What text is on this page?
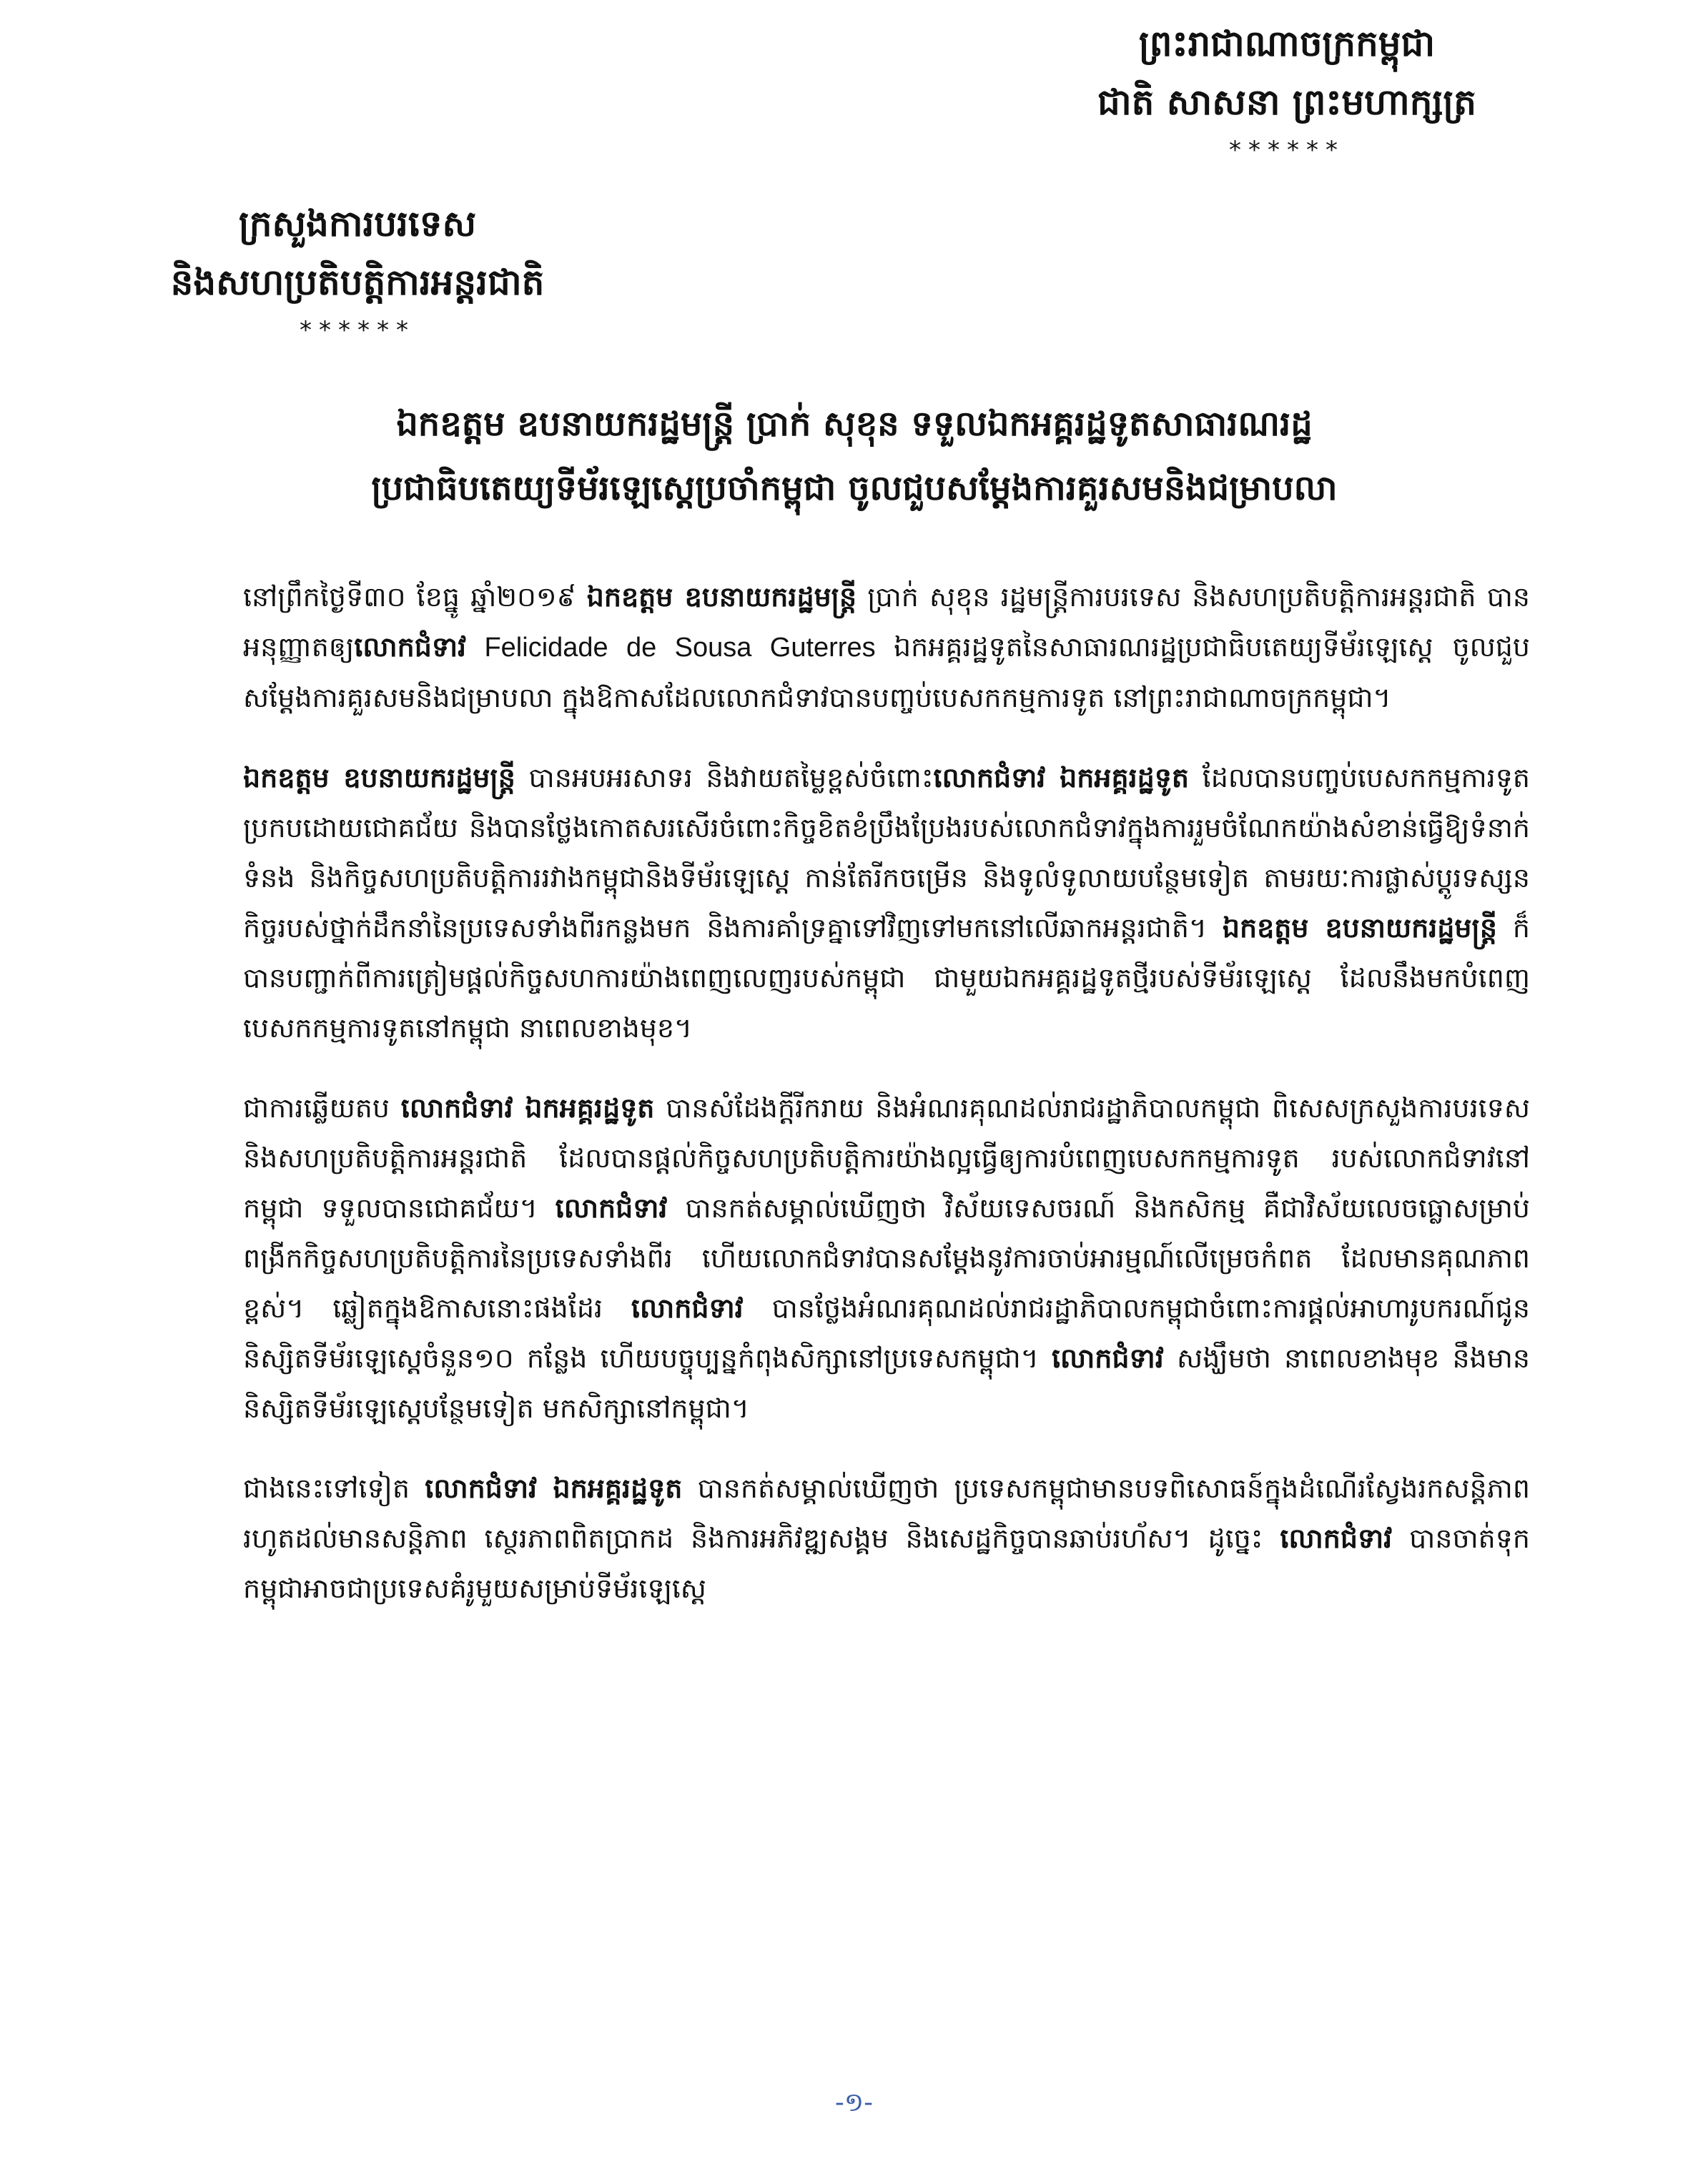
ព្រះរាជាណាចក្រកម្ពុជា
ជាតិ សាសនា ព្រះមហាក្សត្រ
******
ក្រសួងការបរទេស
និងសហប្រតិបត្តិការអន្តរជាតិ
******
ឯកឧត្តម ឧបនាយករដ្ឋមន្ត្រី ប្រាក់ សុខុន ទទួលឯកអគ្គរដ្ឋទូតសាធារណរដ្ឋ
ប្រជាធិបតេយ្យទីម័រឡេស្តេប្រចាំកម្ពុជា ចូលជួបសម្តែងការគួរសមនិងជម្រាបលា

នៅព្រឹកថ្ងៃទី៣០ ខែធ្នូ ឆ្នាំ២០១៩ ឯកឧត្តម ឧបនាយករដ្ឋមន្ត្រី ប្រាក់ សុខុន រដ្ឋមន្ត្រីការបរទេស និងសហប្រតិបត្តិការអន្តរជាតិ បានអនុញ្ញាតឲ្យលោកជំទាវ Felicidade de Sousa Guterres ឯកអគ្គរដ្ឋទូតនៃសាធារណរដ្ឋប្រជាធិបតេយ្យទីម័រឡេស្តេ ចូលជួបសម្តែងការគួរសមនិងជម្រាបលា ក្នុងឱកាសដែលលោកជំទាវបានបញ្ចប់បេសកកម្មការទូត នៅព្រះរាជាណាចក្រកម្ពុជា។

ឯកឧត្តម ឧបនាយករដ្ឋមន្ត្រី បានអបអរសាទរ និងវាយតម្លៃខ្ពស់ចំពោះលោកជំទាវ ឯកអគ្គរដ្ឋទូត ដែលបានបញ្ចប់បេសកកម្មការទូតប្រកបដោយជោគជ័យ និងបានថ្លែងកោតសរសើរចំពោះកិច្ចខិតខំប្រឹងប្រែងរបស់លោកជំទាវក្នុងការរួមចំណែកយ៉ាងសំខាន់ធ្វើឱ្យទំនាក់ទំនង និងកិច្ចសហប្រតិបត្តិការរវាងកម្ពុជានិងទីម័រឡេស្តេ កាន់តែរីកចម្រើន និងទូលំទូលាយបន្ថែមទៀត តាមរយៈការផ្លាស់ប្តូរទស្សនកិច្ចរបស់ថ្នាក់ដឹកនាំនៃប្រទេសទាំងពីរកន្លងមក និងការគាំទ្រគ្នាទៅវិញទៅមកនៅលើឆាកអន្តរជាតិ។ ឯកឧត្តម ឧបនាយករដ្ឋមន្ត្រី ក៏បានបញ្ជាក់ពីការត្រៀមផ្តល់កិច្ចសហការយ៉ាងពេញលេញរបស់កម្ពុជា ជាមួយឯកអគ្គរដ្ឋទូតថ្មីរបស់ទីម័រឡេស្តេ ដែលនឹងមកបំពេញបេសកកម្មការទូតនៅកម្ពុជា នាពេលខាងមុខ។

ជាការឆ្លើយតប លោកជំទាវ ឯកអគ្គរដ្ឋទូត បានសំដែងក្តីរីករាយ និងអំណរគុណដល់រាជរដ្ឋាភិបាលកម្ពុជា ពិសេសក្រសួងការបរទេស និងសហប្រតិបត្តិការអន្តរជាតិ ដែលបានផ្តល់កិច្ចសហប្រតិបត្តិការយ៉ាងល្អធ្វើឲ្យការបំពេញបេសកកម្មការទូត របស់លោកជំទាវនៅកម្ពុជា ទទួលបានជោគជ័យ។ លោកជំទាវ បានកត់សម្គាល់ឃើញថា វិស័យទេសចរណ៍ និងកសិកម្ម គឺជាវិស័យលេចធ្លោសម្រាប់ពង្រីកកិច្ចសហប្រតិបត្តិការនៃប្រទេសទាំងពីរ ហើយលោកជំទាវបានសម្តែងនូវការចាប់អារម្មណ៍លើម្រេចកំពត ដែលមានគុណភាពខ្ពស់។ ឆ្លៀតក្នុងឱកាសនោះផងដែរ លោកជំទាវ បានថ្លែងអំណរគុណដល់រាជរដ្ឋាភិបាលកម្ពុជាចំពោះការផ្តល់អាហារូបករណ៍ជូននិស្សិតទីម័រឡេស្តេចំនួន១០ កន្លែង ហើយបច្ចុប្បន្នកំពុងសិក្សានៅប្រទេសកម្ពុជា។ លោកជំទាវ សង្ឃឹមថា នាពេលខាងមុខ នឹងមាននិស្សិតទីម័រឡេស្តេបន្ថែមទៀត មកសិក្សានៅកម្ពុជា។

ជាងនេះទៅទៀត លោកជំទាវ ឯកអគ្គរដ្ឋទូត បានកត់សម្គាល់ឃើញថា ប្រទេសកម្ពុជាមានបទពិសោធន៍ក្នុងដំណើរស្វែងរកសន្តិភាព រហូតដល់មានសន្តិភាព ស្ថេរភាពពិតប្រាកដ និងការអភិវឌ្ឍសង្គម និងសេដ្ឋកិច្ចបានឆាប់រហ័ស។ ដូច្នេះ លោកជំទាវ បានចាត់ទុកកម្ពុជាអាចជាប្រទេសគំរូមួយសម្រាប់ទីម័រឡេស្តេ

-១-
